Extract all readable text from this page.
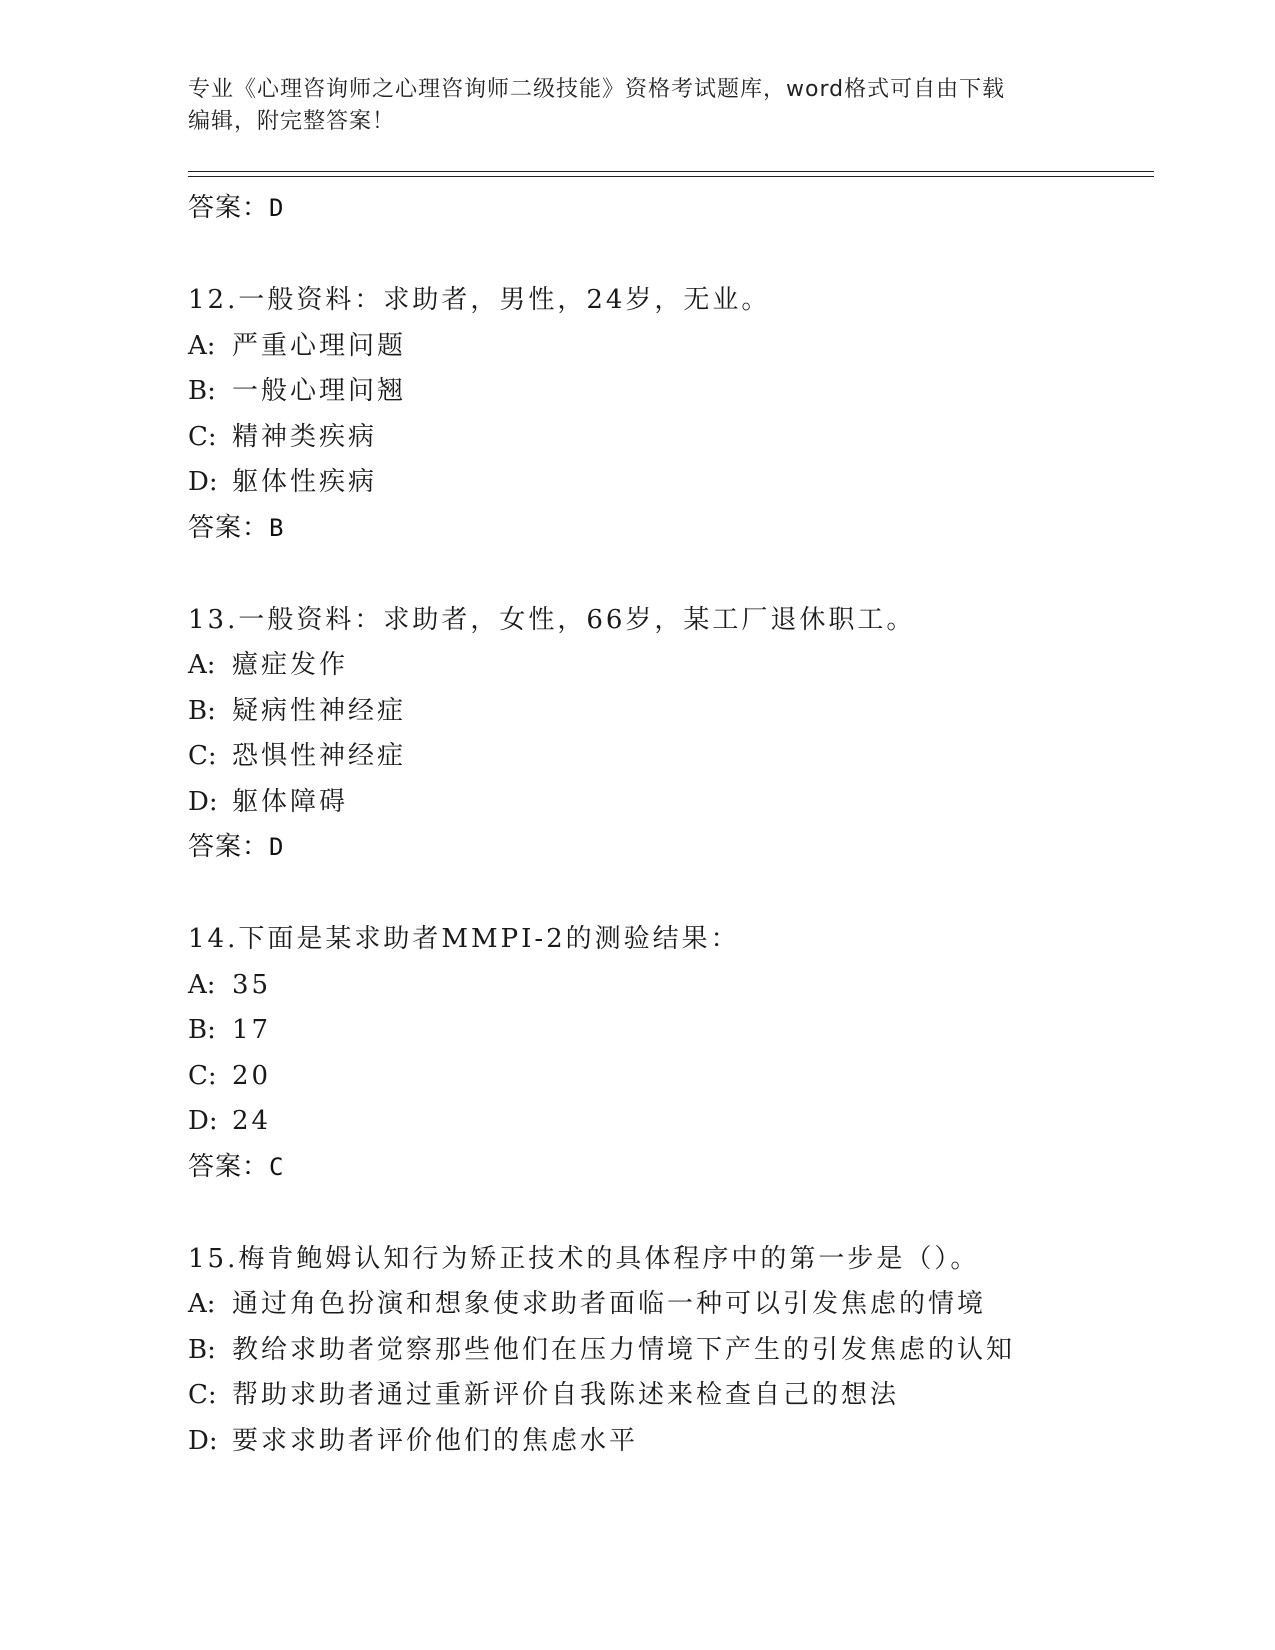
专业《心理咨询师之心理咨询师二级技能》资格考试题库，word格式可自由下载
编辑，附完整答案！
答案：D
12.一般资料：求助者，男性，24岁，无业。
A: 严重心理问题
B: 一般心理问翘
C: 精神类疾病
D: 躯体性疾病
答案：B
13.一般资料：求助者，女性，66岁，某工厂退休职工。
A: 癔症发作
B: 疑病性神经症
C: 恐惧性神经症
D: 躯体障碍
答案：D
14.下面是某求助者MMPI-2的测验结果：
A: 35
B: 17
C: 20
D: 24
答案：C
15.梅肯鲍姆认知行为矫正技术的具体程序中的第一步是（）。
A: 通过角色扮演和想象使求助者面临一种可以引发焦虑的情境
B: 教给求助者觉察那些他们在压力情境下产生的引发焦虑的认知
C: 帮助求助者通过重新评价自我陈述来检查自己的想法
D: 要求求助者评价他们的焦虑水平
